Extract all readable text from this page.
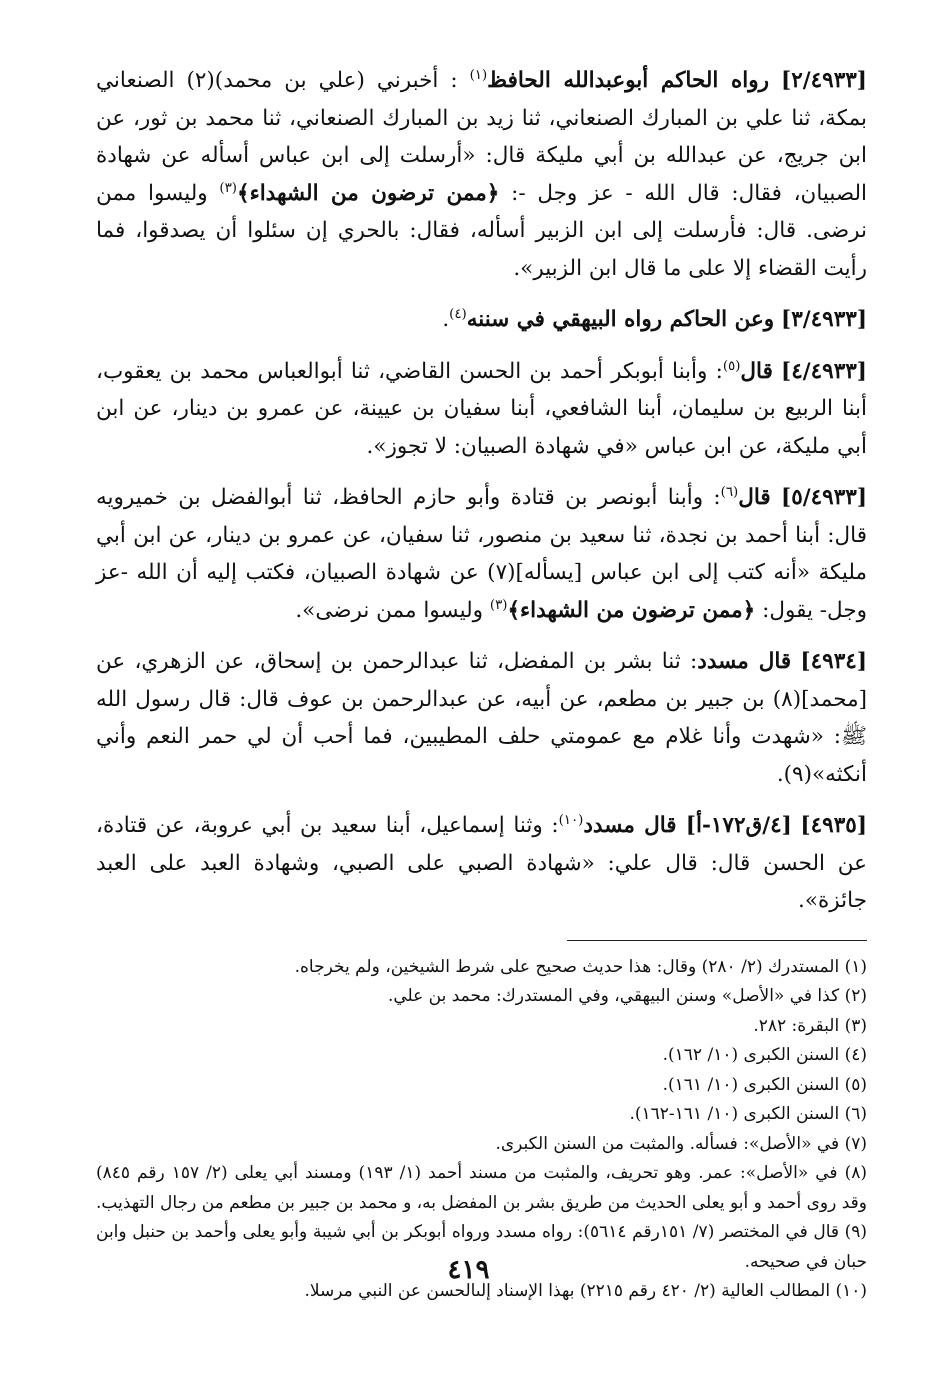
[٢/٤٩٣٣] رواه الحاكم أبوعبدالله الحافظ$^{(١)}$ : أخبرني (علي بن محمد)(٢) الصنعاني بمكة، ثنا علي بن المبارك الصنعاني، ثنا زيد بن المبارك الصنعاني، ثنا محمد بن ثور، عن ابن جريج، عن عبدالله بن أبي مليكة قال: «أرسلت إلى ابن عباس أسأله عن شهادة الصبيان، فقال: قال الله - عز وجل -: ﴿ممن ترضون من الشهداء﴾$^{(٣)}$ وليسوا ممن نرضى. قال: فأرسلت إلى ابن الزبير أسأله، فقال: بالحري إن سئلوا أن يصدقوا، فما رأيت القضاء إلا على ما قال ابن الزبير».

[٣/٤٩٣٣] وعن الحاكم رواه البيهقي في سننه$^{(٤)}$.

[٤/٤٩٣٣] قال$^{(٥)}$: وأبنا أبوبكر أحمد بن الحسن القاضي، ثنا أبوالعباس محمد بن يعقوب، أبنا الربيع بن سليمان، أبنا الشافعي، أبنا سفيان بن عيينة، عن عمرو بن دينار، عن ابن أبي مليكة، عن ابن عباس «في شهادة الصبيان: لا تجوز».

[٥/٤٩٣٣] قال$^{(٦)}$: وأبنا أبونصر بن قتادة وأبو حازم الحافظ، ثنا أبوالفضل بن خميرويه قال: أبنا أحمد بن نجدة، ثنا سعيد بن منصور، ثنا سفيان، عن عمرو بن دينار، عن ابن أبي مليكة «أنه كتب إلى ابن عباس [يسأله](٧) عن شهادة الصبيان، فكتب إليه أن الله -عز وجل- يقول: ﴿ممن ترضون من الشهداء﴾$^{(٣)}$ وليسوا ممن نرضى».

[٤٩٣٤] قال مسدد: ثنا بشر بن المفضل، ثنا عبدالرحمن بن إسحاق، عن الزهري، عن [محمد](٨) بن جبير بن مطعم، عن أبيه، عن عبدالرحمن بن عوف قال: قال رسول الله ﷺ: «شهدت وأنا غلام مع عمومتي حلف المطيبين، فما أحب أن لي حمر النعم وأني أنكثه»(٩).

[٤٩٣٥] [٤/ق١٧٢-أ] قال مسدد$^{(١٠)}$: وثنا إسماعيل، أبنا سعيد بن أبي عروبة، عن قتادة، عن الحسن قال: قال علي: «شهادة الصبي على الصبي، وشهادة العبد على العبد جائزة».

(١) المستدرك (٢/ ٢٨٠) وقال: هذا حديث صحيح على شرط الشيخين، ولم يخرجاه.

(٢) كذا في «الأصل» وسنن البيهقي، وفي المستدرك: محمد بن علي.

(٣) البقرة: ٢٨٢.

(٤) السنن الكبرى (١٠/ ١٦٢).

(٥) السنن الكبرى (١٠/ ١٦١).

(٦) السنن الكبرى (١٠/ ١٦١-١٦٢).

(٧) في «الأصل»: فسأله. والمثبت من السنن الكبرى.

(٨) في «الأصل»: عمر. وهو تحريف، والمثبت من مسند أحمد (١/ ١٩٣) ومسند أبي يعلى (٢/ ١٥٧ رقم ٨٤٥) وقد روى أحمد و أبو يعلى الحديث من طريق بشر بن المفضل به، و محمد بن جبير بن مطعم من رجال التهذيب.

(٩) قال في المختصر (٧/ ١٥١رقم ٥٦١٤): رواه مسدد ورواه أبوبكر بن أبي شيبة وأبو يعلى وأحمد بن حنبل وابن حبان في صحيحه.

(١٠) المطالب العالية (٢/ ٤٢٠ رقم ٢٢١٥) بهذا الإسناد إلىالحسن عن النبي مرسلا.

٤١٩
